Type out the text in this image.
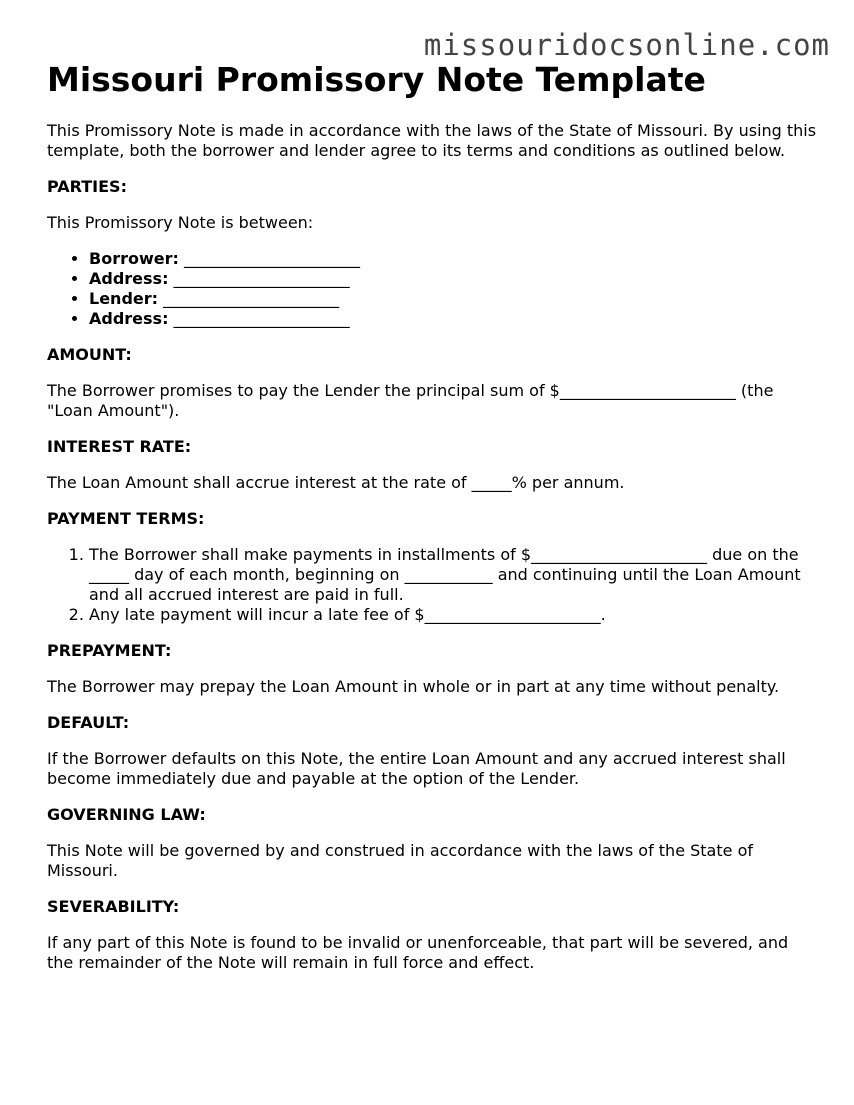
missouridocsonline.com
Missouri Promissory Note Template

This Promissory Note is made in accordance with the laws of the State of Missouri. By using this template, both the borrower and lender agree to its terms and conditions as outlined below.

PARTIES:

This Promissory Note is between:

• Borrower: ______________________
• Address: ______________________
• Lender: ______________________
• Address: ______________________
AMOUNT:

The Borrower promises to pay the Lender the principal sum of $______________________ (the "Loan Amount").

INTEREST RATE:

The Loan Amount shall accrue interest at the rate of _____% per annum.

PAYMENT TERMS:
1. The Borrower shall make payments in installments of $______________________ due on the _____ day of each month, beginning on ___________ and continuing until the Loan Amount and all accrued interest are paid in full.
2. Any late payment will incur a late fee of $______________________.
PREPAYMENT:

The Borrower may prepay the Loan Amount in whole or in part at any time without penalty.

DEFAULT:

If the Borrower defaults on this Note, the entire Loan Amount and any accrued interest shall become immediately due and payable at the option of the Lender.

GOVERNING LAW:

This Note will be governed by and construed in accordance with the laws of the State of Missouri.

SEVERABILITY:

If any part of this Note is found to be invalid or unenforceable, that part will be severed, and the remainder of the Note will remain in full force and effect.
